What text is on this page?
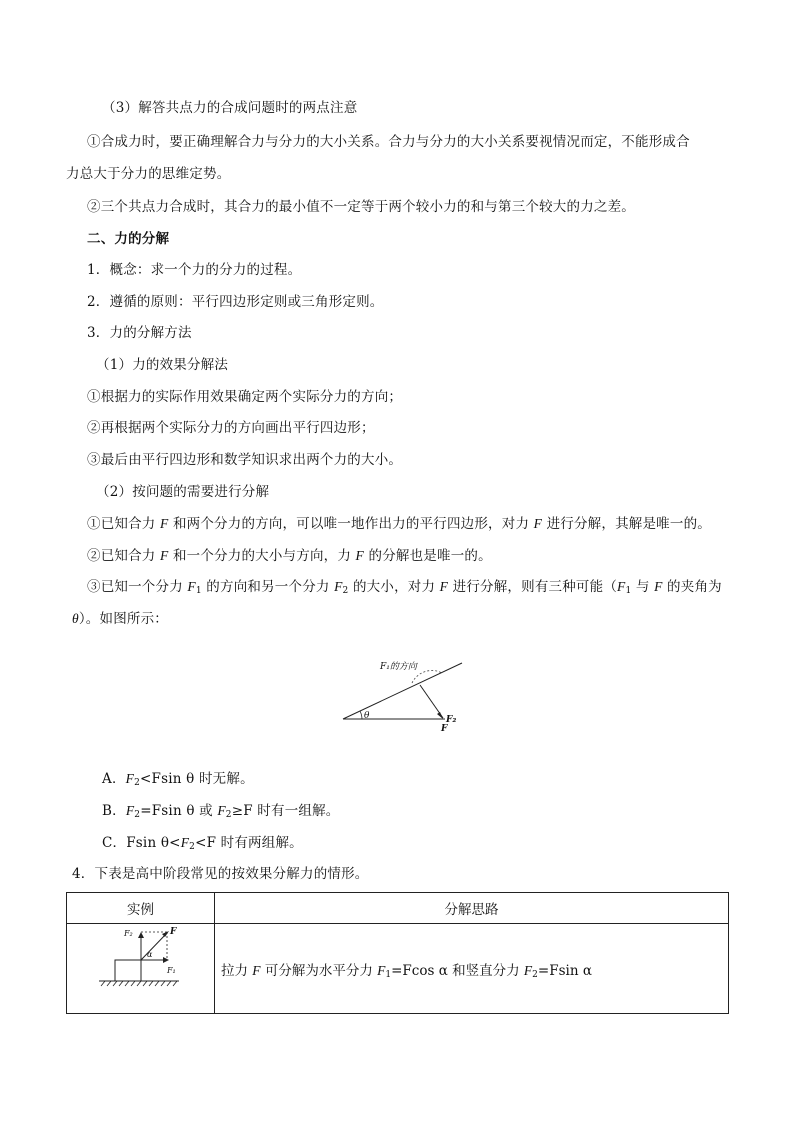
（3）解答共点力的合成问题时的两点注意
①合成力时，要正确理解合力与分力的大小关系。合力与分力的大小关系要视情况而定，不能形成合
力总大于分力的思维定势。
②三个共点力合成时，其合力的最小值不一定等于两个较小力的和与第三个较大的力之差。
二、力的分解
1．概念：求一个力的分力的过程。
2．遵循的原则：平行四边形定则或三角形定则。
3．力的分解方法
（1）力的效果分解法
①根据力的实际作用效果确定两个实际分力的方向；
②再根据两个实际分力的方向画出平行四边形；
③最后由平行四边形和数学知识求出两个力的大小。
（2）按问题的需要进行分解
①已知合力 F 和两个分力的方向，可以唯一地作出力的平行四边形，对力 F 进行分解，其解是唯一的。
②已知合力 F 和一个分力的大小与方向，力 F 的分解也是唯一的。
③已知一个分力 $F_1$ 的方向和另一个分力 $F_2$ 的大小，对力 F 进行分解，则有三种可能（$F_1$ 与 F 的夹角为
θ）。如图所示：
F₁的方向
θ	F₂
F
A．$F_2<Fsin$ θ 时无解。
B．$F_2=Fsin$ θ 或 $F_2\ge F$ 时有一组解。
C．Fsin $\theta<F_2<F$ 时有两组解。
4．下表是高中阶段常见的按效果分解力的情形。
实例	分解思路

F
F₁
F₂
α	拉力 F 可分解为水平分力 $F_1=Fcos$ α 和竖直分力 $F_2=Fsin$ α
